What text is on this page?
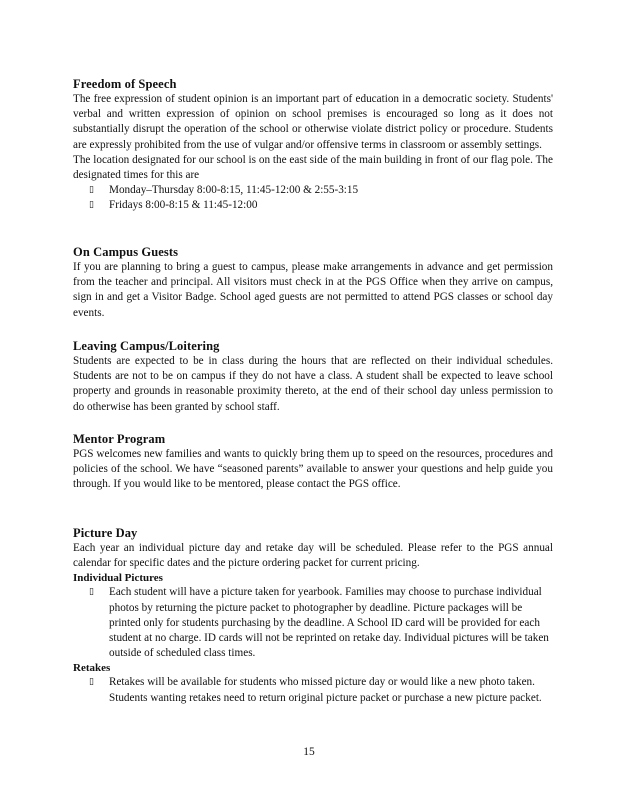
Freedom of Speech

The free expression of student opinion is an important part of education in a democratic society. Students' verbal and written expression of opinion on school premises is encouraged so long as it does not substantially disrupt the operation of the school or otherwise violate district policy or procedure. Students are expressly prohibited from the use of vulgar and/or offensive terms in classroom or assembly settings.

The location designated for our school is on the east side of the main building in front of our flag pole. The designated times for this are

▯ Monday–Thursday 8:00-8:15, 11:45-12:00 & 2:55-3:15
▯ Fridays 8:00-8:15 & 11:45-12:00
On Campus Guests

If you are planning to bring a guest to campus, please make arrangements in advance and get permission from the teacher and principal. All visitors must check in at the PGS Office when they arrive on campus, sign in and get a Visitor Badge. School aged guests are not permitted to attend PGS classes or school day events.

Leaving Campus/Loitering

Students are expected to be in class during the hours that are reflected on their individual schedules. Students are not to be on campus if they do not have a class. A student shall be expected to leave school property and grounds in reasonable proximity thereto, at the end of their school day unless permission to do otherwise has been granted by school staff.

Mentor Program

PGS welcomes new families and wants to quickly bring them up to speed on the resources, procedures and policies of the school. We have “seasoned parents” available to answer your questions and help guide you through. If you would like to be mentored, please contact the PGS office.

Picture Day

Each year an individual picture day and retake day will be scheduled. Please refer to the PGS annual calendar for specific dates and the picture ordering packet for current pricing.

Individual Pictures
▯ Each student will have a picture taken for yearbook. Families may choose to purchase individual photos by returning the picture packet to photographer by deadline. Picture packages will be printed only for students purchasing by the deadline. A School ID card will be provided for each student at no charge. ID cards will not be reprinted on retake day. Individual pictures will be taken outside of scheduled class times.
Retakes
▯ Retakes will be available for students who missed picture day or would like a new photo taken. Students wanting retakes need to return original picture packet or purchase a new picture packet.
15
